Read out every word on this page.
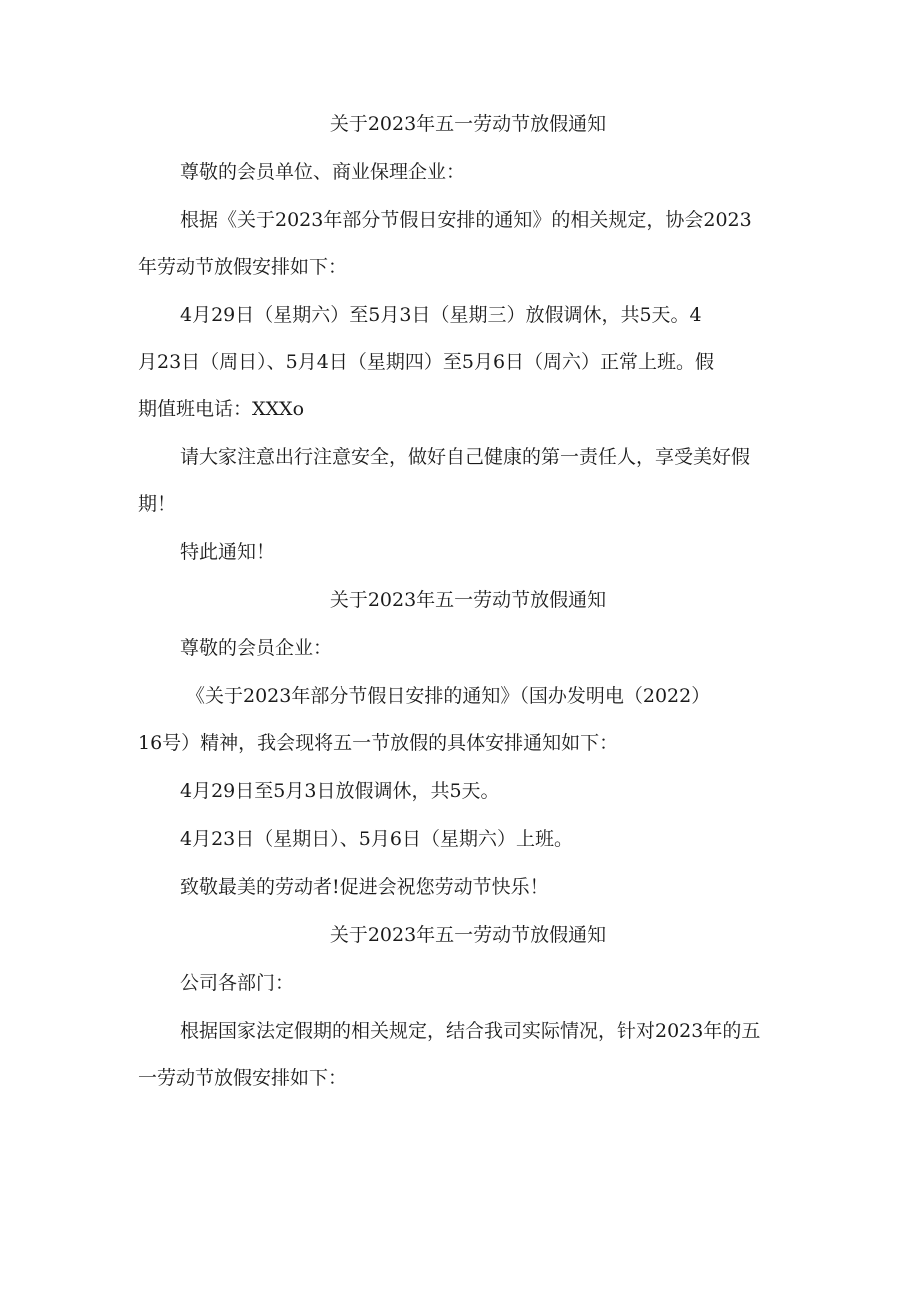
关于2023年五一劳动节放假通知
尊敬的会员单位、商业保理企业：
根据《关于2023年部分节假日安排的通知》的相关规定，协会2023
年劳动节放假安排如下：
4月29日（星期六）至5月3日（星期三）放假调休，共5天。4
月23日（周日）、5月4日（星期四）至5月6日（周六）正常上班。假
期值班电话：XXXo
请大家注意出行注意安全，做好自己健康的第一责任人，享受美好假
期！
特此通知！
关于2023年五一劳动节放假通知
尊敬的会员企业：
《关于2023年部分节假日安排的通知》（国办发明电（2022）
16号）精神，我会现将五一节放假的具体安排通知如下：
4月29日至5月3日放假调休，共5天。
4月23日（星期日）、5月6日（星期六）上班。
致敬最美的劳动者!促进会祝您劳动节快乐！
关于2023年五一劳动节放假通知
公司各部门：
根据国家法定假期的相关规定，结合我司实际情况，针对2023年的五
一劳动节放假安排如下：
